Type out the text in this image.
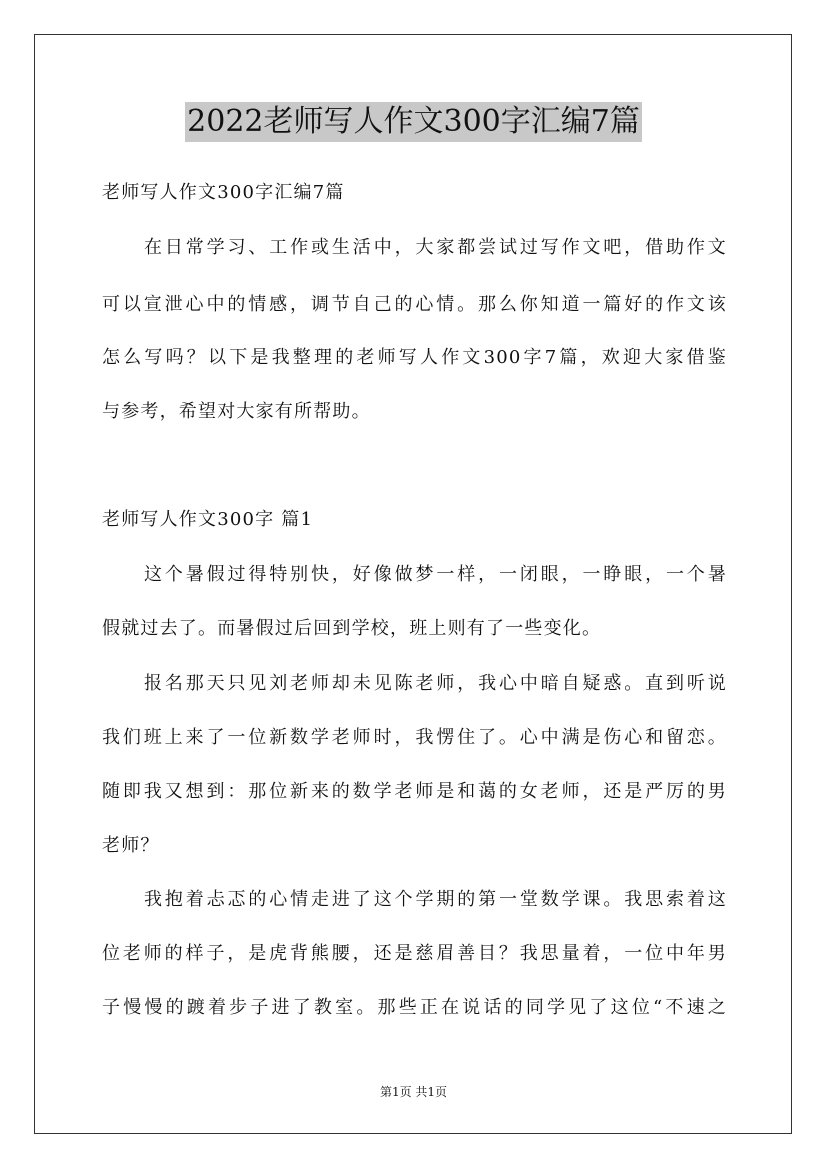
2022老师写人作文300字汇编7篇
老师写人作文300字汇编7篇
在日常学习、工作或生活中，大家都尝试过写作文吧，借助作文
可以宣泄心中的情感，调节自己的心情。那么你知道一篇好的作文该
怎么写吗？以下是我整理的老师写人作文300字7篇，欢迎大家借鉴
与参考，希望对大家有所帮助。
老师写人作文300字 篇1
这个暑假过得特别快，好像做梦一样，一闭眼，一睁眼，一个暑
假就过去了。而暑假过后回到学校，班上则有了一些变化。
报名那天只见刘老师却未见陈老师，我心中暗自疑惑。直到听说
我们班上来了一位新数学老师时，我愣住了。心中满是伤心和留恋。
随即我又想到：那位新来的数学老师是和蔼的女老师，还是严厉的男
老师？
我抱着忐忑的心情走进了这个学期的第一堂数学课。我思索着这
位老师的样子，是虎背熊腰，还是慈眉善目？我思量着，一位中年男
子慢慢的踱着步子进了教室。那些正在说话的同学见了这位“不速之
第1页 共1页
